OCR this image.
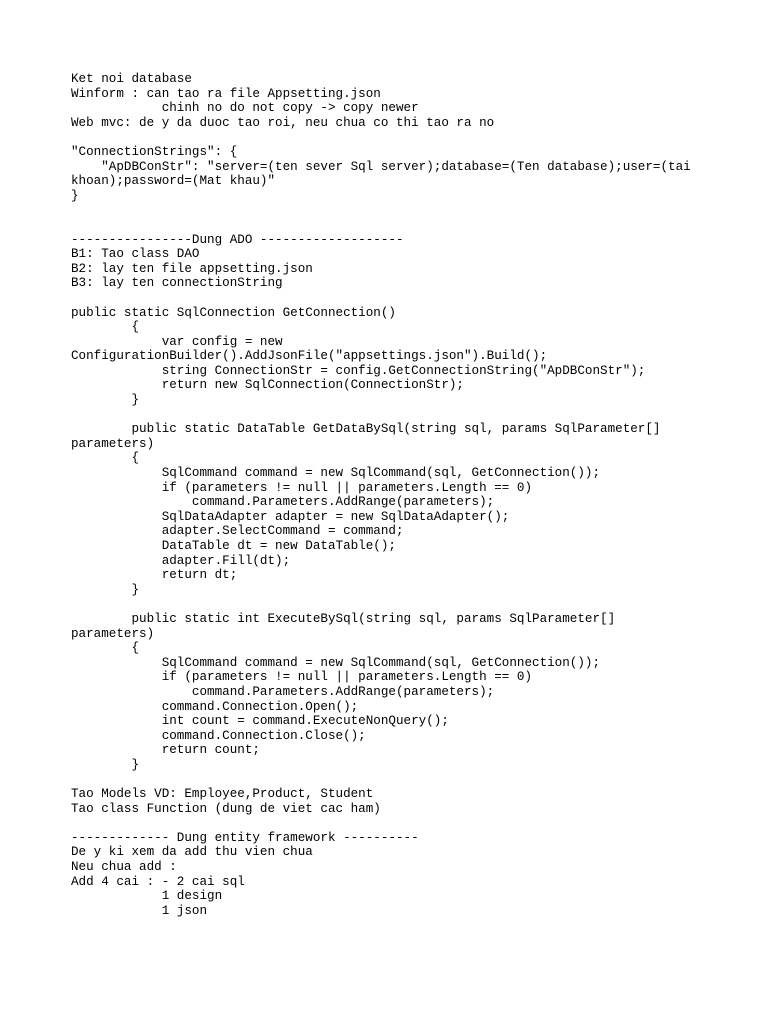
Ket noi database
Winform : can tao ra file Appsetting.json
chinh no do not copy -> copy newer
Web mvc: de y da duoc tao roi, neu chua co thi tao ra no
"ConnectionStrings": {
"ApDBConStr": "server=(ten sever Sql server);database=(Ten database);user=(tai
khoan);password=(Mat khau)"
}
----------------Dung ADO -------------------
B1: Tao class DAO
B2: lay ten file appsetting.json
B3: lay ten connectionString
public static SqlConnection GetConnection()
{
var config = new
ConfigurationBuilder().AddJsonFile("appsettings.json").Build();
string ConnectionStr = config.GetConnectionString("ApDBConStr");
return new SqlConnection(ConnectionStr);
}
public static DataTable GetDataBySql(string sql, params SqlParameter[]
parameters)
{
SqlCommand command = new SqlCommand(sql, GetConnection());
if (parameters != null || parameters.Length == 0)
command.Parameters.AddRange(parameters);
SqlDataAdapter adapter = new SqlDataAdapter();
adapter.SelectCommand = command;
DataTable dt = new DataTable();
adapter.Fill(dt);
return dt;
}
public static int ExecuteBySql(string sql, params SqlParameter[]
parameters)
{
SqlCommand command = new SqlCommand(sql, GetConnection());
if (parameters != null || parameters.Length == 0)
command.Parameters.AddRange(parameters);
command.Connection.Open();
int count = command.ExecuteNonQuery();
command.Connection.Close();
return count;
}
Tao Models VD: Employee,Product, Student
Tao class Function (dung de viet cac ham)
------------- Dung entity framework ----------
De y ki xem da add thu vien chua
Neu chua add :
Add 4 cai : - 2 cai sql
1 design
1 json
